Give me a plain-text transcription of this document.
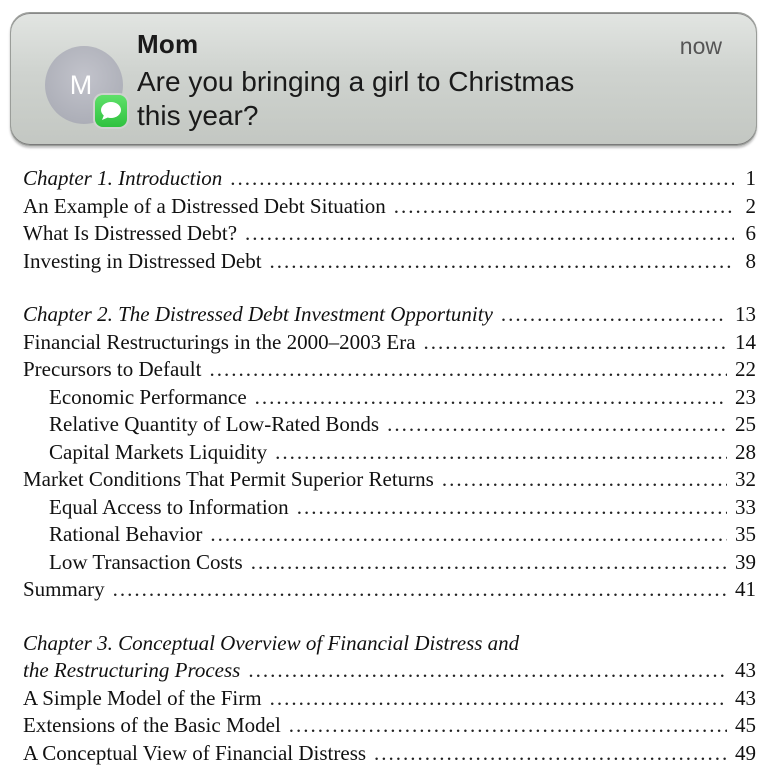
M
Mom	now
Are you bringing a girl to Christmas
this year?
Chapter 1. Introduction .....	1
An Example of a Distressed Debt Situation .....	2
What Is Distressed Debt? .....	6
Investing in Distressed Debt .....	8
Chapter 2. The Distressed Debt Investment Opportunity .....	13
Financial Restructurings in the 2000–2003 Era .....	14
Precursors to Default .....	22
Economic Performance .....	23
Relative Quantity of Low-Rated Bonds .....	25
Capital Markets Liquidity .....	28
Market Conditions That Permit Superior Returns .....	32
Equal Access to Information .....	33
Rational Behavior .....	35
Low Transaction Costs .....	39
Summary .....	41
Chapter 3. Conceptual Overview of Financial Distress and
the Restructuring Process .....	43
A Simple Model of the Firm .....	43
Extensions of the Basic Model .....	45
A Conceptual View of Financial Distress .....	49
